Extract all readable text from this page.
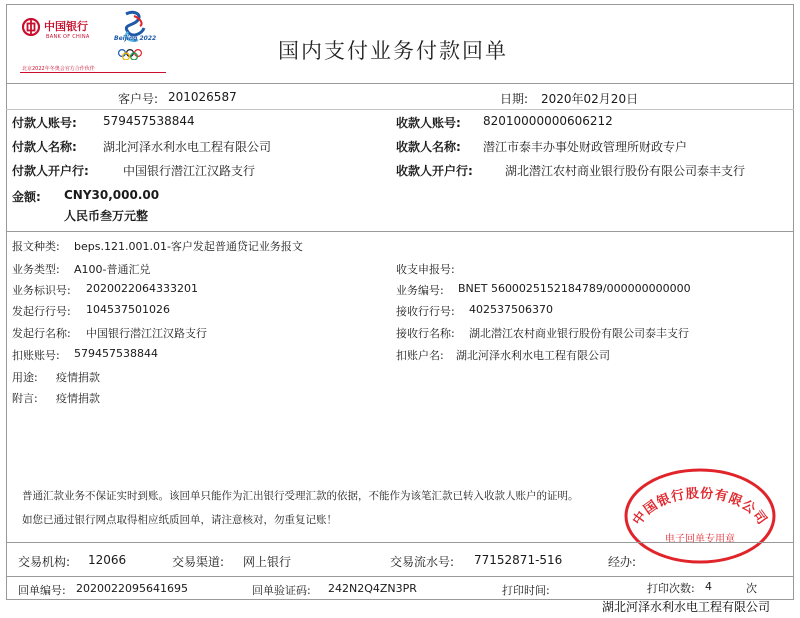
中国银行
BANK OF CHINA	Beijing 2022
北京2022年冬奥会官方合作伙伴
国内支付业务付款回单
客户号: 201026587	日期: 2020年02月20日
付款人账号: 579457538844	收款人账号: 82010000000606212
付款人名称: 湖北河泽水利水电工程有限公司	收款人名称: 潜江市泰丰办事处财政管理所财政专户
付款人开户行:	中国银行潜江江汉路支行	收款人开户行:	湖北潜江农村商业银行股份有限公司泰丰支行
金额: CNY30,000.00
人民币叁万元整
报文种类: beps.121.001.01-客户发起普通贷记业务报文
业务类型: A100-普通汇兑	收支申报号:
业务标识号: 2020022064333201	业务编号: BNET 5600025152184789/000000000000
发起行行号: 104537501026	接收行行号: 402537506370
发起行名称: 中国银行潜江江汉路支行	接收行名称: 湖北潜江农村商业银行股份有限公司泰丰支行
扣账账号: 579457538844	扣账户名: 湖北河泽水利水电工程有限公司
用途: 疫情捐款
附言: 疫情捐款
普通汇款业务不保证实时到账。该回单只能作为汇出银行受理汇款的依据，不能作为该笔汇款已转入收款人账户的证明。
如您已通过银行网点取得相应纸质回单，请注意核对，勿重复记账！	中国银行股份有限公司
电子回单专用章
交易机构: 12066	交易渠道: 网上银行	交易流水号: 77152871-516	经办:
回单编号: 2020022095641695	回单验证码: 242N2Q4ZN3PR	打印时间:	打印次数: 4	次
湖北河泽水利水电工程有限公司
